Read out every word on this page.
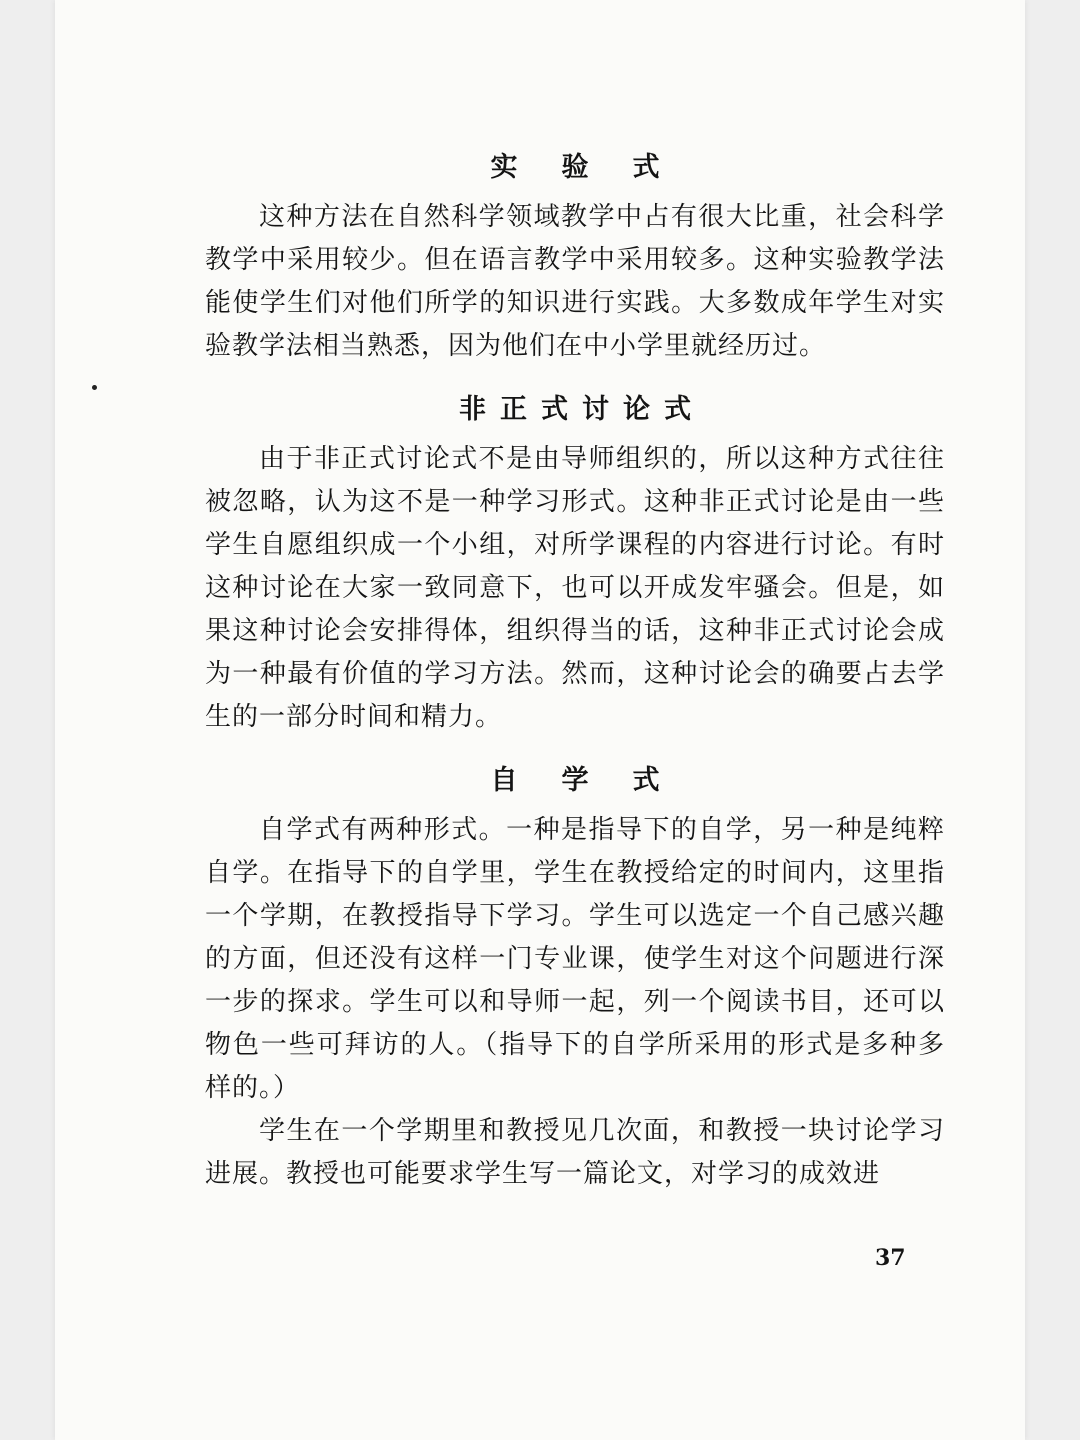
实验式

这种方法在自然科学领域教学中占有很大比重，社会科学教学中采用较少。但在语言教学中采用较多。这种实验教学法能使学生们对他们所学的知识进行实践。大多数成年学生对实验教学法相当熟悉，因为他们在中小学里就经历过。

非正式讨论式

由于非正式讨论式不是由导师组织的，所以这种方式往往被忽略，认为这不是一种学习形式。这种非正式讨论是由一些学生自愿组织成一个小组，对所学课程的内容进行讨论。有时这种讨论在大家一致同意下，也可以开成发牢骚会。但是，如果这种讨论会安排得体，组织得当的话，这种非正式讨论会成为一种最有价值的学习方法。然而，这种讨论会的确要占去学生的一部分时间和精力。

自学式

自学式有两种形式。一种是指导下的自学，另一种是纯粹自学。在指导下的自学里，学生在教授给定的时间内，这里指一个学期，在教授指导下学习。学生可以选定一个自己感兴趣的方面，但还没有这样一门专业课，使学生对这个问题进行深一步的探求。学生可以和导师一起，列一个阅读书目，还可以物色一些可拜访的人。（指导下的自学所采用的形式是多种多样的。）

学生在一个学期里和教授见几次面，和教授一块讨论学习进展。教授也可能要求学生写一篇论文，对学习的成效进

37
